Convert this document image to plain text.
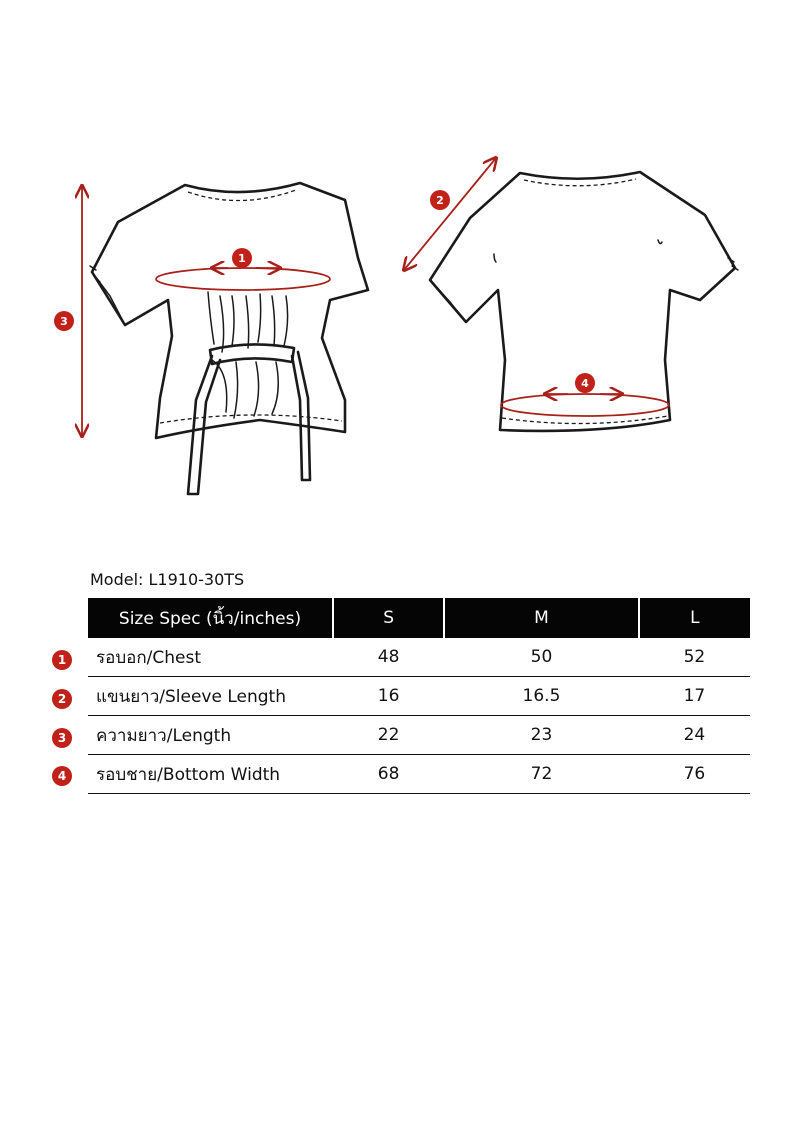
1
3
2
4
Model: L1910-30TS
Size Spec (นิ้ว/inches)	S	M	L
รอบอก/Chest	48	50	52
แขนยาว/Sleeve Length	16	16.5	17
ความยาว/Length	22	23	24
รอบชาย/Bottom Width	68	72	76
1
2
3
4
